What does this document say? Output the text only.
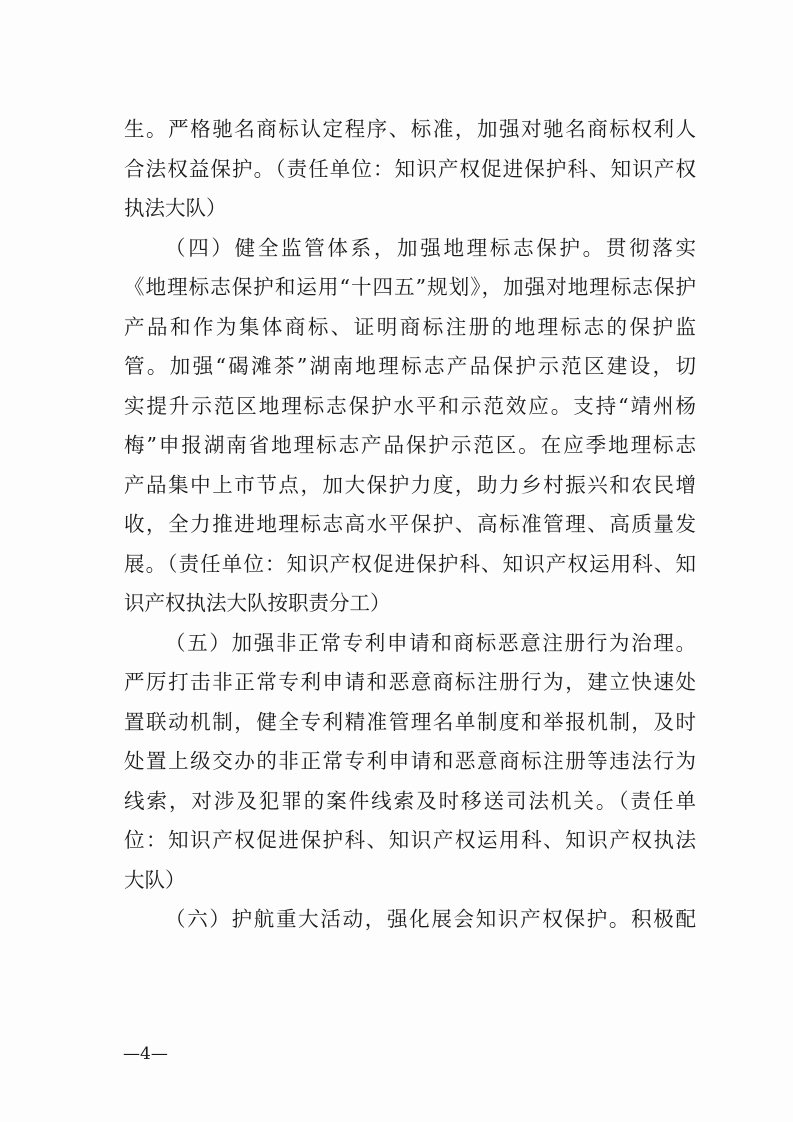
生。严格驰名商标认定程序、标准，加强对驰名商标权利人
合法权益保护。（责任单位：知识产权促进保护科、知识产权
执法大队）
（四）健全监管体系，加强地理标志保护。贯彻落实
《地理标志保护和运用“十四五”规划》，加强对地理标志保护
产品和作为集体商标、证明商标注册的地理标志的保护监
管。加强“碣滩茶”湖南地理标志产品保护示范区建设，切
实提升示范区地理标志保护水平和示范效应。支持“靖州杨
梅”申报湖南省地理标志产品保护示范区。在应季地理标志
产品集中上市节点，加大保护力度，助力乡村振兴和农民增
收，全力推进地理标志高水平保护、高标准管理、高质量发
展。（责任单位：知识产权促进保护科、知识产权运用科、知
识产权执法大队按职责分工）
（五）加强非正常专利申请和商标恶意注册行为治理。
严厉打击非正常专利申请和恶意商标注册行为，建立快速处
置联动机制，健全专利精准管理名单制度和举报机制，及时
处置上级交办的非正常专利申请和恶意商标注册等违法行为
线索，对涉及犯罪的案件线索及时移送司法机关。（责任单
位：知识产权促进保护科、知识产权运用科、知识产权执法
大队）
（六）护航重大活动，强化展会知识产权保护。积极配
—4—
